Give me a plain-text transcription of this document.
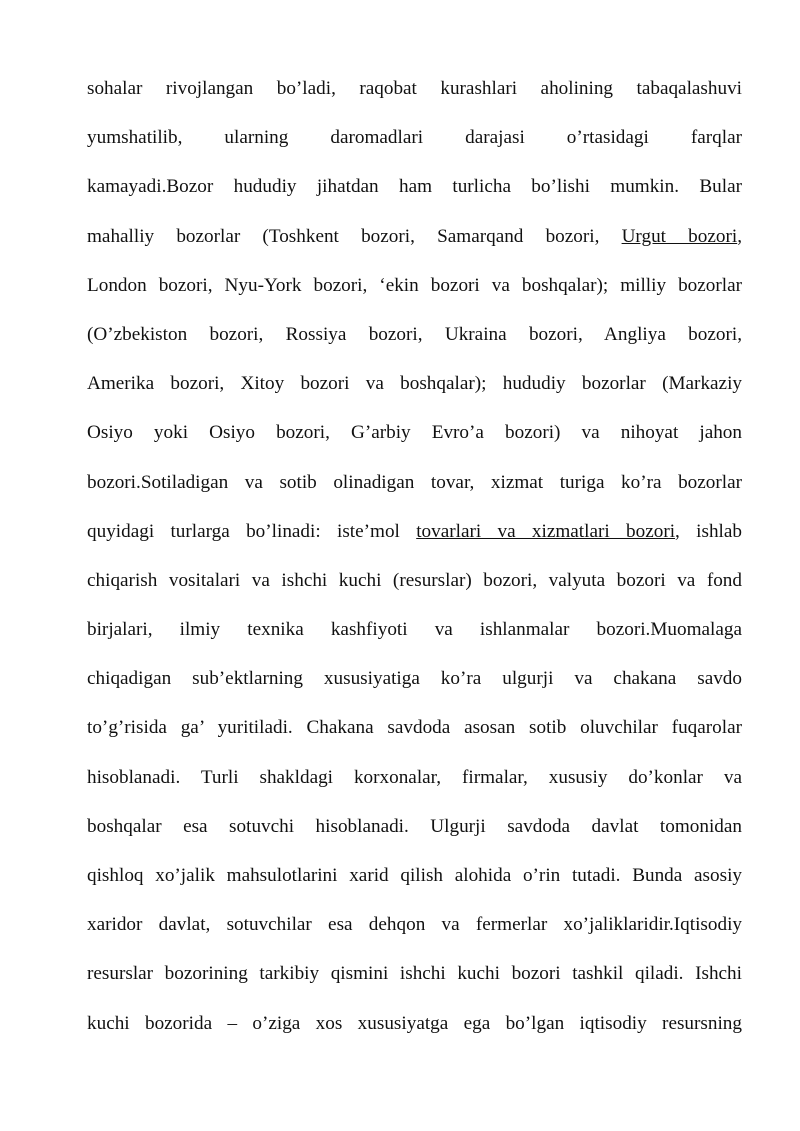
sohalar rivojlangan bo’ladi, raqobat kurashlari aholining tabaqalashuvi
yumshatilib, ularning daromadlari darajasi o’rtasidagi farqlar
kamayadi.Bozor hududiy jihatdan ham turlicha bo’lishi mumkin. Bular
mahalliy bozorlar (Toshkent bozori, Samarqand bozori, Urgut bozori,
London bozori, Nyu-York bozori, ‘ekin bozori va boshqalar); milliy bozorlar
(O’zbekiston bozori, Rossiya bozori, Ukraina bozori, Angliya bozori,
Amerika bozori, Xitoy bozori va boshqalar); hududiy bozorlar (Markaziy
Osiyo yoki Osiyo bozori, G’arbiy Evro’a bozori) va nihoyat jahon
bozori.Sotiladigan va sotib olinadigan tovar, xizmat turiga ko’ra bozorlar
quyidagi turlarga bo’linadi: iste’mol tovarlari va xizmatlari bozori, ishlab
chiqarish vositalari va ishchi kuchi (resurslar) bozori, valyuta bozori va fond
birjalari, ilmiy texnika kashfiyoti va ishlanmalar bozori.Muomalaga
chiqadigan sub’ektlarning xususiyatiga ko’ra ulgurji va chakana savdo
to’g’risida ga’ yuritiladi. Chakana savdoda asosan sotib oluvchilar fuqarolar
hisoblanadi. Turli shakldagi korxonalar, firmalar, xususiy do’konlar va
boshqalar esa sotuvchi hisoblanadi. Ulgurji savdoda davlat tomonidan
qishloq xo’jalik mahsulotlarini xarid qilish alohida o’rin tutadi. Bunda asosiy
xaridor davlat, sotuvchilar esa dehqon va fermerlar xo’jaliklaridir.Iqtisodiy
resurslar bozorining tarkibiy qismini ishchi kuchi bozori tashkil qiladi. Ishchi
kuchi bozorida – o’ziga xos xususiyatga ega bo’lgan iqtisodiy resursning
